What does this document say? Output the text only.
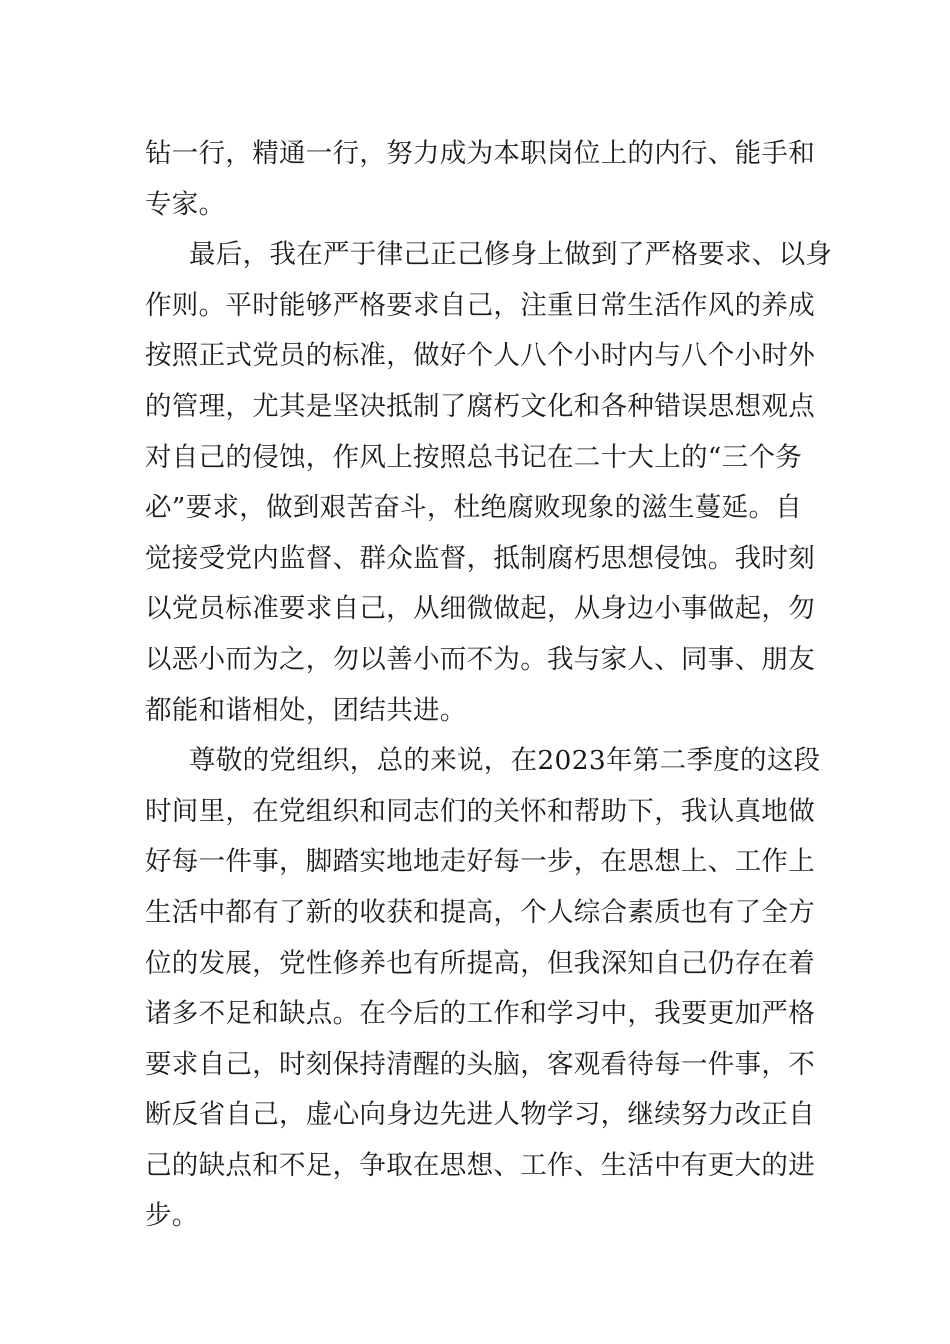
钻一行，精通一行，努力成为本职岗位上的内行、能手和
专家。
最后，我在严于律己正己修身上做到了严格要求、以身
作则。平时能够严格要求自己，注重日常生活作风的养成
按照正式党员的标准，做好个人八个小时内与八个小时外
的管理，尤其是坚决抵制了腐朽文化和各种错误思想观点
对自己的侵蚀，作风上按照总书记在二十大上的“三个务
必”要求，做到艰苦奋斗，杜绝腐败现象的滋生蔓延。自
觉接受党内监督、群众监督，抵制腐朽思想侵蚀。我时刻
以党员标准要求自己，从细微做起，从身边小事做起，勿
以恶小而为之，勿以善小而不为。我与家人、同事、朋友
都能和谐相处，团结共进。
尊敬的党组织，总的来说，在2023年第二季度的这段
时间里，在党组织和同志们的关怀和帮助下，我认真地做
好每一件事，脚踏实地地走好每一步，在思想上、工作上
生活中都有了新的收获和提高，个人综合素质也有了全方
位的发展，党性修养也有所提高，但我深知自己仍存在着
诸多不足和缺点。在今后的工作和学习中，我要更加严格
要求自己，时刻保持清醒的头脑，客观看待每一件事，不
断反省自己，虚心向身边先进人物学习，继续努力改正自
己的缺点和不足，争取在思想、工作、生活中有更大的进
步。
